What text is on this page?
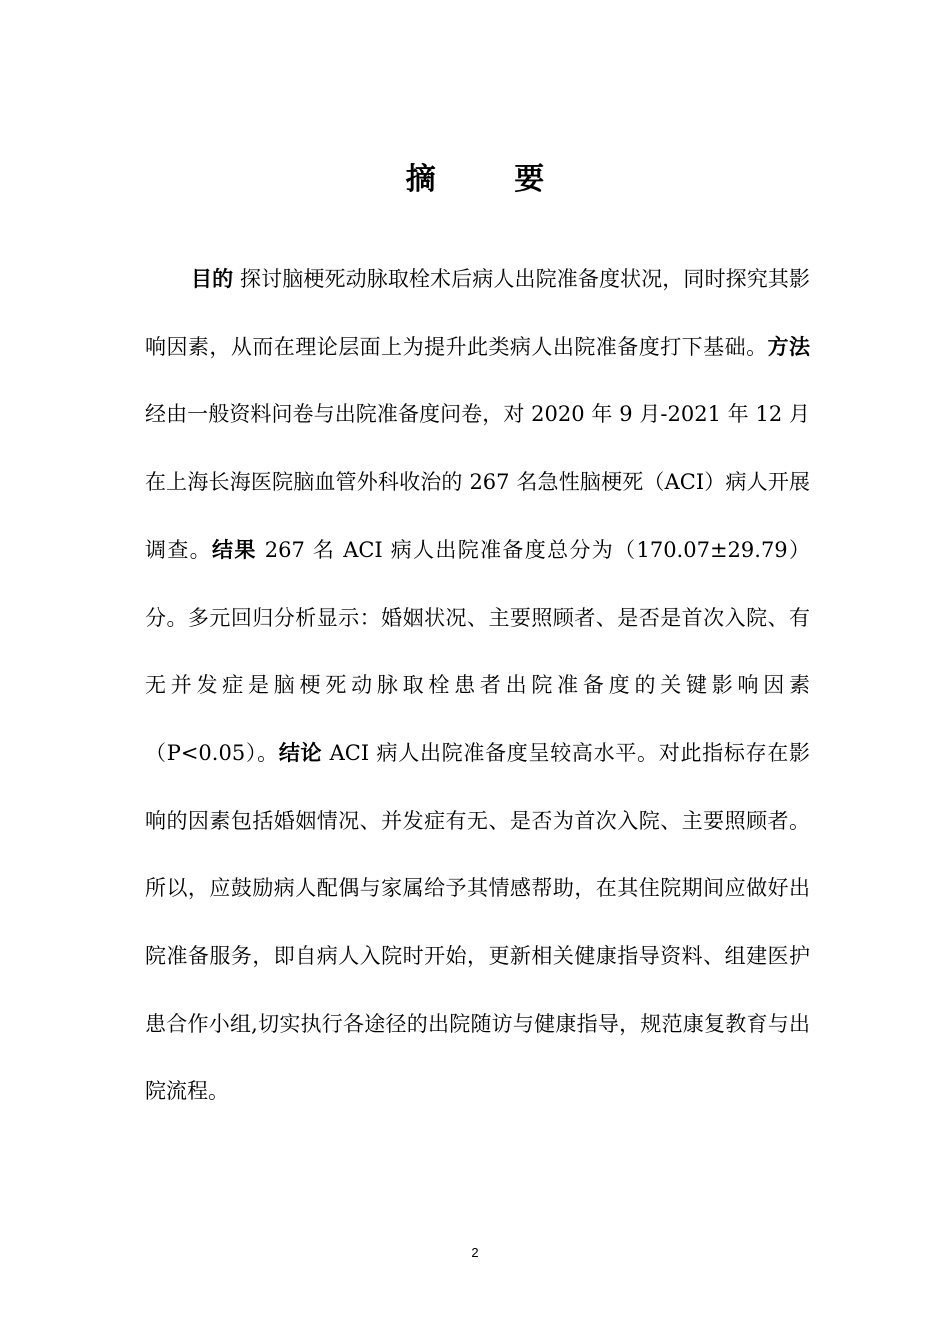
摘 要

目的 探讨脑梗死动脉取栓术后病人出院准备度状况，同时探究其影响因素，从而在理论层面上为提升此类病人出院准备度打下基础。方法 经由一般资料问卷与出院准备度问卷，对 2020 年 9 月-2021 年 12 月在上海长海医院脑血管外科收治的 267 名急性脑梗死（ACI）病人开展调查。结果 267 名 ACI 病人出院准备度总分为（170.07±29.79）分。多元回归分析显示：婚姻状况、主要照顾者、是否是首次入院、有无并发症是脑梗死动脉取栓患者出院准备度的关键影响因素（P<0.05）。结论 ACI 病人出院准备度呈较高水平。对此指标存在影响的因素包括婚姻情况、并发症有无、是否为首次入院、主要照顾者。所以，应鼓励病人配偶与家属给予其情感帮助，在其住院期间应做好出院准备服务，即自病人入院时开始，更新相关健康指导资料、组建医护患合作小组,切实执行各途径的出院随访与健康指导，规范康复教育与出院流程。

2
